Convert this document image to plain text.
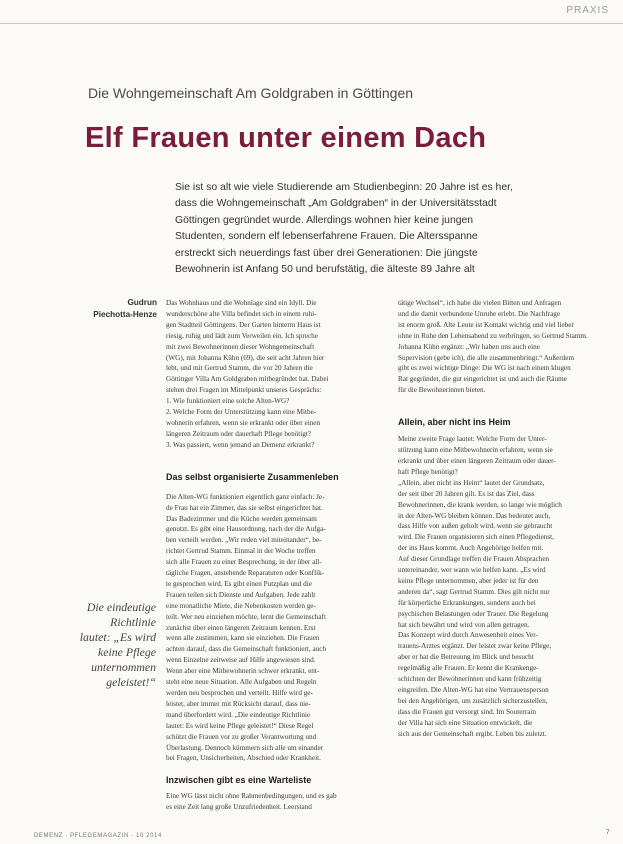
PRAXIS
Die Wohngemeinschaft Am Goldgraben in Göttingen
Elf Frauen unter einem Dach

Sie ist so alt wie viele Studierende am Studienbeginn: 20 Jahre ist es her,

dass die Wohngemeinschaft „Am Goldgraben“ in der Universitätsstadt

Göttingen gegründet wurde. Allerdings wohnen hier keine jungen

Studenten, sondern elf lebenserfahrene Frauen. Die Altersspanne

erstreckt sich neuerdings fast über drei Generationen: Die jüngste

Bewohnerin ist Anfang 50 und berufstätig, die älteste 89 Jahre alt

Gudrun
Piechotta-Henze
Die eindeutige
Richtlinie
lautet: „Es wird
keine Pflege
unternommen
geleistet!“

Das Wohnhaus und die Wohnlage sind ein Idyll. Die

wunderschöne alte Villa befindet sich in einem ruhi-

gen Stadtteil Göttingens. Der Garten hinterm Haus ist

riesig, ruhig und lädt zum Verweilen ein. Ich spreche

mit zwei Bewohnerinnen dieser Wohngemeinschaft

(WG), mit Johanna Kühn (69), die seit acht Jahren hier

lebt, und mit Gertrud Stamm, die vor 20 Jahren die

Göttinger Villa Am Goldgraben mitbegründet hat. Dabei

stehen drei Fragen im Mittelpunkt unseres Gesprächs:

1. Wie funktioniert eine solche Alten-WG?

2. Welche Form der Unterstützung kann eine Mitbe-

wohnerin erfahren, wenn sie erkrankt oder über einen

längeren Zeitraum oder dauerhaft Pflege benötigt?

3. Was passiert, wenn jemand an Demenz erkrankt?

Das selbst organisierte Zusammenleben

Die Alten-WG funktioniert eigentlich ganz einfach: Je-

de Frau hat ein Zimmer, das sie selbst eingerichtet hat.

Das Badezimmer und die Küche werden gemeinsam

genutzt. Es gibt eine Hausordnung, nach der die Aufga-

ben verteilt werden. „Wir reden viel miteinander“, be-

richtet Gertrud Stamm. Einmal in der Woche treffen

sich alle Frauen zu einer Besprechung, in der über all-

tägliche Fragen, anstehende Reparaturen oder Konflik-

te gesprochen wird. Es gibt einen Putzplan und die

Frauen teilen sich Dienste und Aufgaben. Jede zahlt

eine monatliche Miete, die Nebenkosten werden ge-

teilt. Wer neu einziehen möchte, lernt die Gemeinschaft

zunächst über einen längeren Zeitraum kennen. Erst

wenn alle zustimmen, kann sie einziehen. Die Frauen

achten darauf, dass die Gemeinschaft funktioniert, auch

wenn Einzelne zeitweise auf Hilfe angewiesen sind.

Wenn aber eine Mitbewohnerin schwer erkrankt, ent-

steht eine neue Situation. Alle Aufgaben und Regeln

werden neu besprochen und verteilt. Hilfe wird ge-

leistet, aber immer mit Rücksicht darauf, dass nie-

mand überfordert wird. „Die eindeutige Richtlinie

lautet: Es wird keine Pflege geleistet!“ Diese Regel

schützt die Frauen vor zu großer Verantwortung und

Überlastung. Dennoch kümmern sich alle um einander

bei Fragen, Unsicherheiten, Abschied oder Krankheit.

Inzwischen gibt es eine Warteliste

Eine WG lässt nicht ohne Rahmenbedingungen, und es gab

es eine Zeit lang große Unzufriedenheit. Leerstand

tätige Wechsel“, ich habe die vielen Bitten und Anfragen

und die damit verbundene Unruhe erlebt. Die Nachfrage

ist enorm groß. Alte Leute ist Kontakt wichtig und viel lieber

ohne in Ruhe den Lebensabend zu verbringen, so Gertrud Stamm.

Johanna Kühn ergänzt: „Wir haben uns auch eine

Supervision (gebe ich), die alle zusammenbringt.“ Außerdem

gibt es zwei wichtige Dinge: Die WG ist nach einem klugen

Rat gegründet, die gut eingerichtet ist und auch die Räume

für die Bewohnerinnen bieten.

Allein, aber nicht ins Heim

Meine zweite Frage lautet: Welche Form der Unter-

stützung kann eine Mitbewohnerin erfahren, wenn sie

erkrankt und über einen längeren Zeitraum oder dauer-

haft Pflege benötigt?

„Allein, aber nicht ins Heim“ lautet der Grundsatz,

der seit über 20 Jahren gilt. Es ist das Ziel, dass

Bewohnerinnen, die krank werden, so lange wie möglich

in der Alten-WG bleiben können. Das bedeutet auch,

dass Hilfe von außen geholt wird, wenn sie gebraucht

wird. Die Frauen organisieren sich einen Pflegedienst,

der ins Haus kommt. Auch Angehörige helfen mit.

Auf dieser Grundlage treffen die Frauen Absprachen

untereinander, wer wann wie helfen kann. „Es wird

keine Pflege unternommen, aber jeder ist für den

anderen da“, sagt Gertrud Stamm. Dies gilt nicht nur

für körperliche Erkrankungen, sondern auch bei

psychischen Belastungen oder Trauer. Die Regelung

hat sich bewährt und wird von allen getragen.

Das Konzept wird durch Anwesenheit eines Ver-

trauens-Arztes ergänzt. Der leistet zwar keine Pflege,

aber er hat die Betreuung im Blick und besucht

regelmäßig alle Frauen. Er kennt die Krankenge-

schichten der Bewohnerinnen und kann frühzeitig

eingreifen. Die Alten-WG hat eine Vertrauensperson

bei den Angehörigen, um zusätzlich sicherzustellen,

dass die Frauen gut versorgt sind. Im Souterrain

der Villa hat sich eine Situation entwickelt, die

sich aus der Gemeinschaft ergibt. Leben bis zuletzt.

DEMENZ · PFLEGEMAGAZIN · 10 2014	7
